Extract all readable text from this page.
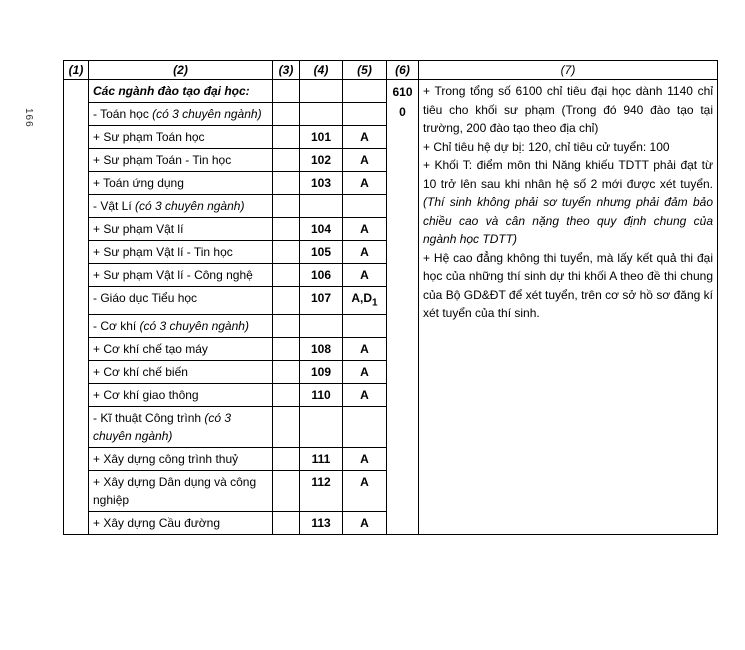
166
(1)	(2)	(3)	(4)	(5)	(6)	(7)
	Các ngành đào tạo đại học:				6100	+ Trong tổng số 6100 chỉ tiêu đại học dành 1140 chỉ tiêu cho khối sư phạm (Trong đó 940 đào tạo tại trường, 200 đào tạo theo địa chỉ)

+ Chỉ tiêu hệ dự bị: 120, chỉ tiêu cử tuyển: 100

+ Khối T: điểm môn thi Năng khiếu TDTT phải đạt từ 10 trở lên sau khi nhân hệ số 2 mới được xét tuyển. (Thí sinh không phải sơ tuyển nhưng phải đảm bảo chiều cao và cân nặng theo quy định chung của ngành học TDTT)

+ Hệ cao đẳng không thi tuyển, mà lấy kết quả thi đại học của những thí sinh dự thi khối A theo đề thi chung của Bộ GD&ĐT để xét tuyển, trên cơ sở hồ sơ đăng kí xét tuyển của thí sinh.

	- Toán học (có 3 chuyên ngành)					
	+ Sư phạm Toán học		101	A		
	+ Sư phạm Toán - Tin học		102	A		
	+ Toán ứng dụng		103	A		
	- Vật Lí (có 3 chuyên ngành)					
	+ Sư phạm Vật lí		104	A		
	+ Sư phạm Vật lí - Tin học		105	A		
	+ Sư phạm Vật lí - Công nghệ		106	A		
	- Giáo dục Tiểu học		107	$A,D_1$
	- Cơ khí (có 3 chuyên ngành)					
	+ Cơ khí chế tạo máy		108	A		
	+ Cơ khí chế biến		109	A		
	+ Cơ khí giao thông		110	A		
	- Kĩ thuật Công trình (có 3 chuyên ngành)					
	+ Xây dựng công trình thuỷ		111	A		
	+ Xây dựng Dân dụng và công nghiệp		112	A		
	+ Xây dựng Cầu đường		113	A		
